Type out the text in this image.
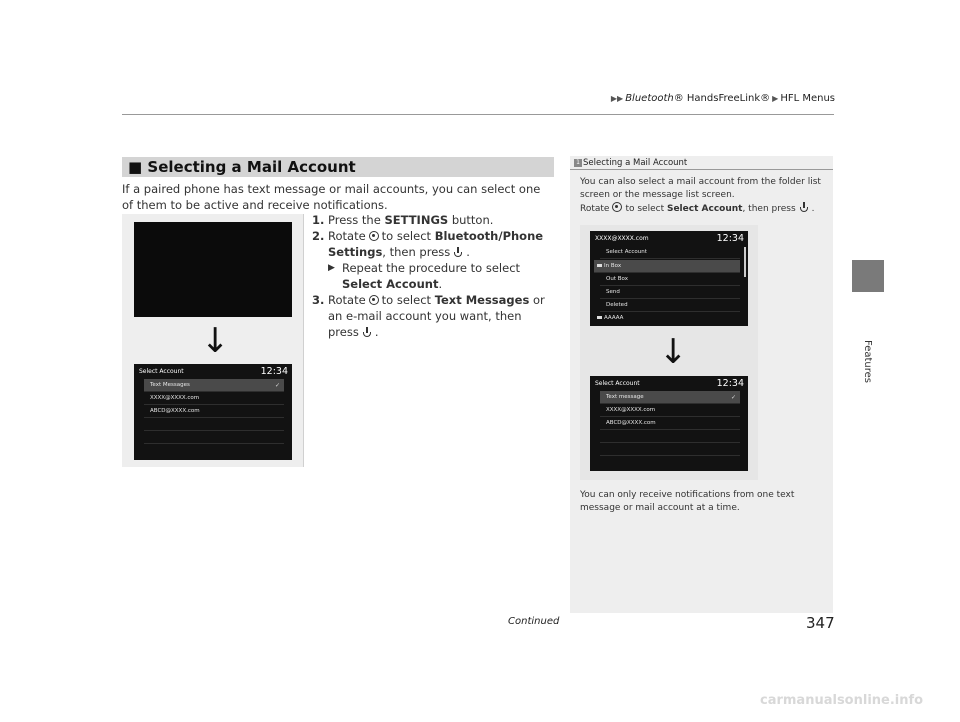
▶▶ Bluetooth® HandsFreeLink® ▶ HFL Menus
Features
■ Selecting a Mail Account
If a paired phone has text message or mail accounts, you can select one of them to be active and receive notifications.
1. Press the SETTINGS button.
2. Rotate to select Bluetooth/Phone Settings, then press .
▶ Repeat the procedure to select Select Account.
3. Rotate to select Text Messages or an e-mail account you want, then press .
↓
Select Account	12:34
Text Messages	✓
XXXX@XXXX.com
ABCD@XXXX.com
1 Selecting a Mail Account
You can also select a mail account from the folder list screen or the message list screen.
Rotate to select Select Account, then press .
XXXX@XXXX.com	12:34
Select Account
In Box
Out Box
Send
Deleted
AAAAA
↓
Select Account	12:34
Text message	✓
XXXX@XXXX.com
ABCD@XXXX.com
You can only receive notifications from one text message or mail account at a time.
Continued	347
carmanualsonline.info
